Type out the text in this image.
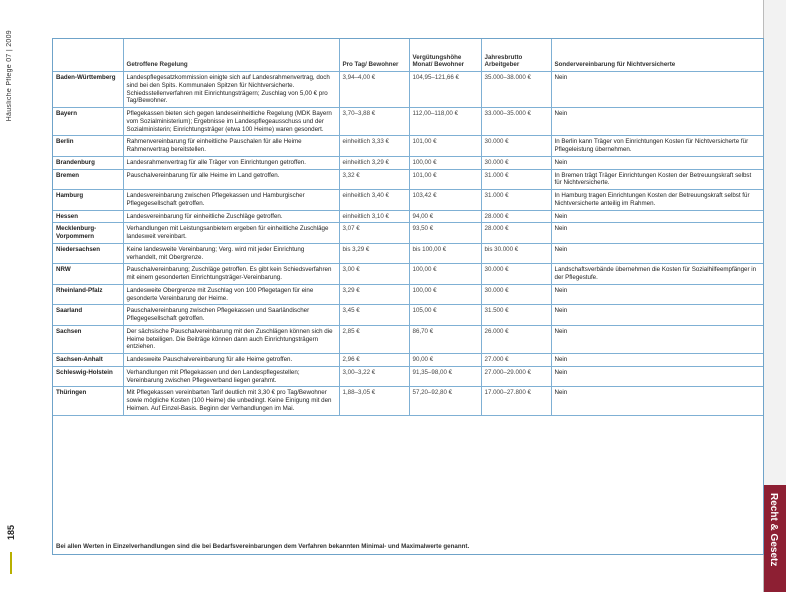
Häusliche Pflege 07 | 2009
185	Recht & Gesetz
	Getroffene Regelung	Pro Tag/ Bewohner	Vergütungshöhe Monat/ Bewohner	Jahresbrutto Arbeitgeber	Sondervereinbarung für Nichtversicherte
Baden-Württemberg	Landespflegesatzkommission einigte sich auf Landesrahmenvertrag, doch sind bei den Spits. Kommunalen Spitzen für Nichtversicherte. Schiedsstellenverfahren mit Einrichtungsträgern; Zuschlag von 5,00 € pro Tag/Bewohner.	3,94–4,00 €	104,95–121,66 €	35.000–38.000 €	Nein
Bayern	Pflegekassen bieten sich gegen landeseinheitliche Regelung (MDK Bayern vom Sozialministerium); Ergebnisse im Landespflegeausschuss und der Sozialministerin; Einrichtungsträger (etwa 100 Heime) waren gesondert.	3,70–3,88 €	112,00–118,00 €	33.000–35.000 €	Nein
Berlin	Rahmenvereinbarung für einheitliche Pauschalen für alle Heime Rahmenvertrag bereitstellen.	einheitlich 3,33 €	101,00 €	30.000 €	In Berlin kann Träger von Einrichtungen Kosten für Nichtversicherte für Pflegeleistung übernehmen.
Brandenburg	Landesrahmenvertrag für alle Träger von Einrichtungen getroffen.	einheitlich 3,29 €	100,00 €	30.000 €	Nein
Bremen	Pauschalvereinbarung für alle Heime im Land getroffen.	3,32 €	101,00 €	31.000 €	In Bremen trägt Träger Einrichtungen Kosten der Betreuungskraft selbst für Nichtversicherte.
Hamburg	Landesvereinbarung zwischen Pflegekassen und Hamburgischer Pflegegesellschaft getroffen.	einheitlich 3,40 €	103,42 €	31.000 €	In Hamburg tragen Einrichtungen Kosten der Betreuungskraft selbst für Nichtversicherte anteilig im Rahmen.
Hessen	Landesvereinbarung für einheitliche Zuschläge getroffen.	einheitlich 3,10 €	94,00 €	28.000 €	Nein
Mecklenburg-Vorpommern	Verhandlungen mit Leistungsanbietern ergeben für einheitliche Zuschläge landesweit vereinbart.	3,07 €	93,50 €	28.000 €	Nein
Niedersachsen	Keine landesweite Vereinbarung; Verg. wird mit jeder Einrichtung verhandelt, mit Obergrenze.	bis 3,29 €	bis 100,00 €	bis 30.000 €	Nein
NRW	Pauschalvereinbarung; Zuschläge getroffen. Es gibt kein Schiedsverfahren mit einem gesonderten Einrichtungsträger-Vereinbarung.	3,00 €	100,00 €	30.000 €	Landschaftsverbände übernehmen die Kosten für Sozialhilfeempfänger in der Pflegestufe.
Rheinland-Pfalz	Landesweite Obergrenze mit Zuschlag von 100 Pflegetagen für eine gesonderte Vereinbarung der Heime.	3,29 €	100,00 €	30.000 €	Nein
Saarland	Pauschalvereinbarung zwischen Pflegekassen und Saarländischer Pflegegesellschaft getroffen.	3,45 €	105,00 €	31.500 €	Nein
Sachsen	Der sächsische Pauschalvereinbarung mit den Zuschlägen können sich die Heime beteiligen. Die Beiträge können dann auch Einrichtungsträgern entziehen.	2,85 €	86,70 €	26.000 €	Nein
Sachsen-Anhalt	Landesweite Pauschalvereinbarung für alle Heime getroffen.	2,96 €	90,00 €	27.000 €	Nein
Schleswig-Holstein	Verhandlungen mit Pflegekassen und den Landespflegestellen; Vereinbarung zwischen Pflegeverband liegen gerahmt.	3,00–3,22 €	91,35–98,00 €	27.000–29.000 €	Nein
Thüringen	Mit Pflegekassen vereinbarten Tarif deutlich mit 3,30 € pro Tag/Bewohner sowie mögliche Kosten (100 Heime) die unbedingt. Keine Einigung mit den Heimen. Auf Einzel-Basis. Beginn der Verhandlungen im Mai.	1,88–3,05 €	57,20–92,80 €	17.000–27.800 €	Nein
Bei allen Werten in Einzelverhandlungen sind die bei Bedarfsvereinbarungen dem Verfahren bekannten Minimal- und Maximalwerte genannt.
